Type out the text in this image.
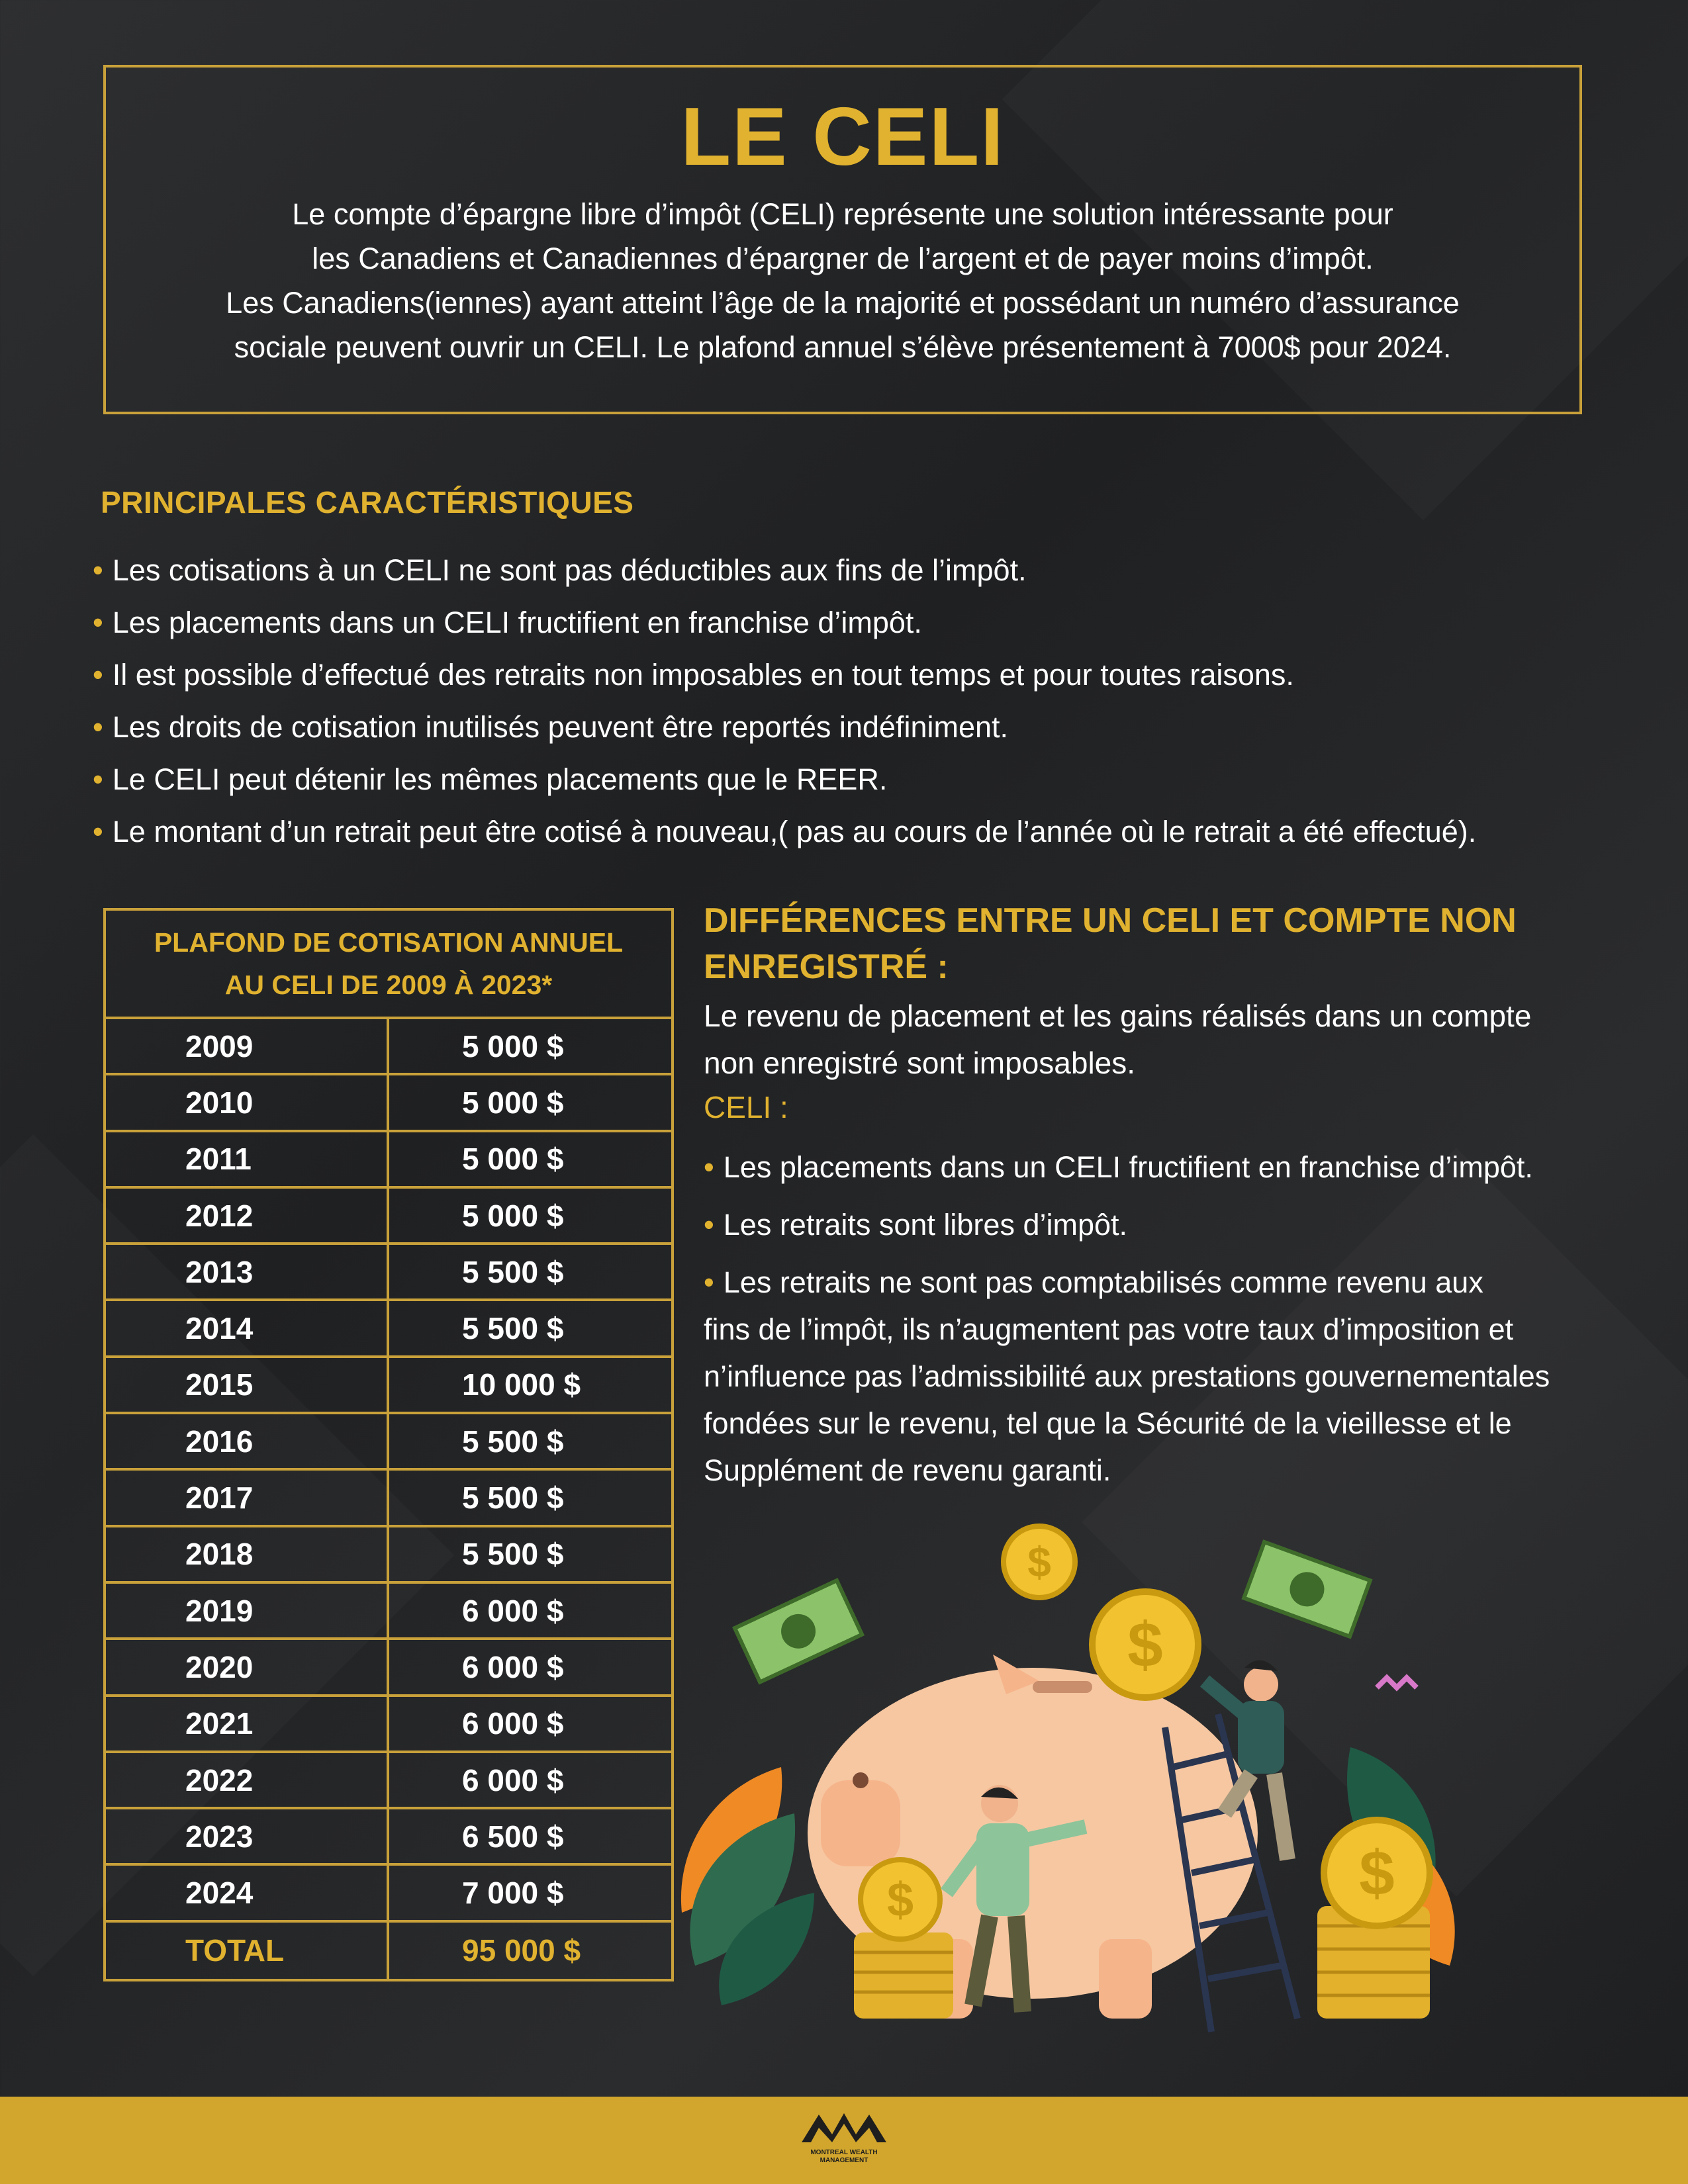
LE CELI
Le compte d’épargne libre d’impôt (CELI) représente une solution intéressante pour
les Canadiens et Canadiennes d’épargner de l’argent et de payer moins d’impôt.
Les Canadiens(iennes) ayant atteint l’âge de la majorité et possédant un numéro d’assurance
sociale peuvent ouvrir un CELI. Le plafond annuel s’élève présentement à 7000$ pour 2024.
PRINCIPALES CARACTÉRISTIQUES
• Les cotisations à un CELI ne sont pas déductibles aux fins de l’impôt.
• Les placements dans un CELI fructifient en franchise d’impôt.
• Il est possible d’effectué des retraits non imposables en tout temps et pour toutes raisons.
• Les droits de cotisation inutilisés peuvent être reportés indéfiniment.
• Le CELI peut détenir les mêmes placements que le REER.
• Le montant d’un retrait peut être cotisé à nouveau,( pas au cours de l’année où le retrait a été effectué).
PLAFOND DE COTISATION ANNUEL
AU CELI DE 2009 À 2023*
2009	5 000 $
2010	5 000 $
2011	5 000 $
2012	5 000 $
2013	5 500 $
2014	5 500 $
2015	10 000 $
2016	5 500 $
2017	5 500 $
2018	5 500 $
2019	6 000 $
2020	6 000 $
2021	6 000 $
2022	6 000 $
2023	6 500 $
2024	7 000 $
TOTAL	95 000 $
DIFFÉRENCES ENTRE UN CELI ET COMPTE NON
ENREGISTRÉ :
Le revenu de placement et les gains réalisés dans un compte
non enregistré sont imposables.
CELI :
• Les placements dans un CELI fructifient en franchise d’impôt.
• Les retraits sont libres d’impôt.
• Les retraits ne sont pas comptabilisés comme revenu aux
fins de l’impôt, ils n’augmentent pas votre taux d’imposition et
n’influence pas l’admissibilité aux prestations gouvernementales
fondées sur le revenu, tel que la Sécurité de la vieillesse et le
Supplément de revenu garanti.
$
$
$
$
MONTREAL WEALTH
MANAGEMENT
